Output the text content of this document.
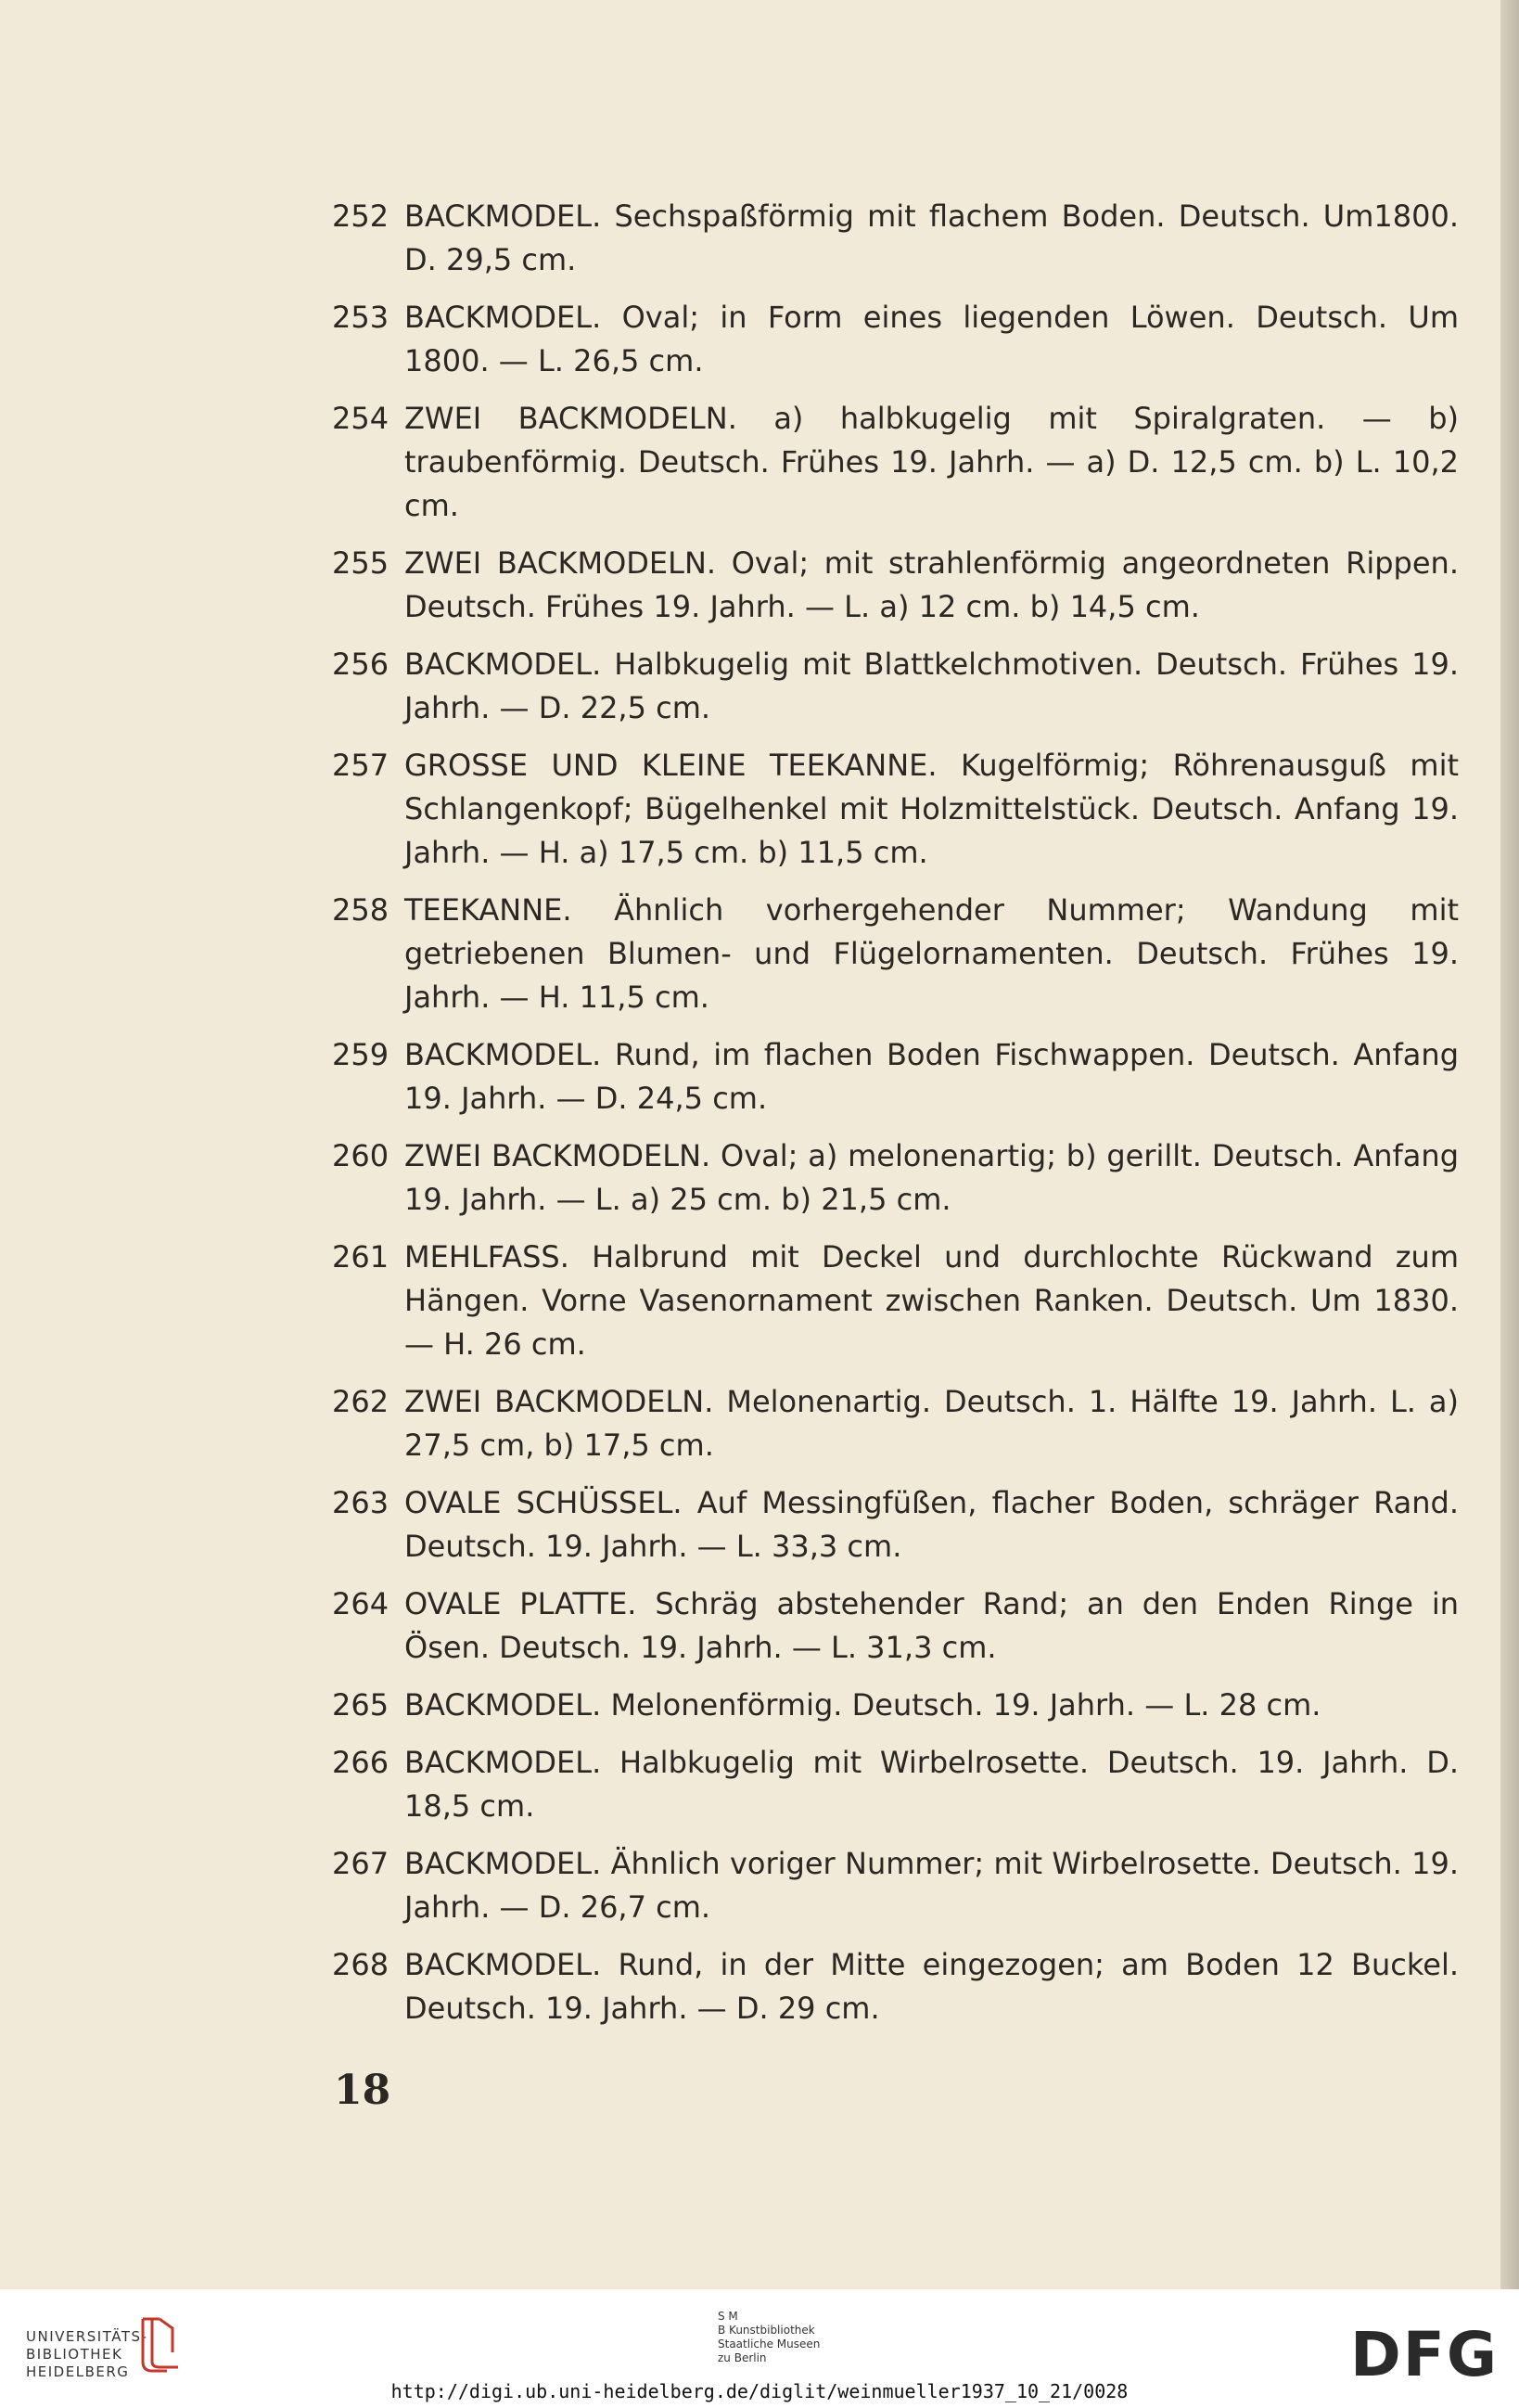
252 BACKMODEL. Sechspaßförmig mit flachem Boden. Deutsch. Um1800. D. 29,5 cm.
253 BACKMODEL. Oval; in Form eines liegenden Löwen. Deutsch. Um 1800. — L. 26,5 cm.
254 ZWEI BACKMODELN. a) halbkugelig mit Spiralgraten. — b) traubenförmig. Deutsch. Frühes 19. Jahrh. — a) D. 12,5 cm. b) L. 10,2 cm.
255 ZWEI BACKMODELN. Oval; mit strahlenförmig angeordneten Rippen. Deutsch. Frühes 19. Jahrh. — L. a) 12 cm. b) 14,5 cm.
256 BACKMODEL. Halbkugelig mit Blattkelchmotiven. Deutsch. Frühes 19. Jahrh. — D. 22,5 cm.
257 GROSSE UND KLEINE TEEKANNE. Kugelförmig; Röhrenausguß mit Schlangenkopf; Bügelhenkel mit Holzmittelstück. Deutsch. Anfang 19. Jahrh. — H. a) 17,5 cm. b) 11,5 cm.
258 TEEKANNE. Ähnlich vorhergehender Nummer; Wandung mit getriebenen Blumen- und Flügelornamenten. Deutsch. Frühes 19. Jahrh. — H. 11,5 cm.
259 BACKMODEL. Rund, im flachen Boden Fischwappen. Deutsch. Anfang 19. Jahrh. — D. 24,5 cm.
260 ZWEI BACKMODELN. Oval; a) melonenartig; b) gerillt. Deutsch. Anfang 19. Jahrh. — L. a) 25 cm. b) 21,5 cm.
261 MEHLFASS. Halbrund mit Deckel und durchlochte Rückwand zum Hängen. Vorne Vasenornament zwischen Ranken. Deutsch. Um 1830. — H. 26 cm.
262 ZWEI BACKMODELN. Melonenartig. Deutsch. 1. Hälfte 19. Jahrh. L. a) 27,5 cm, b) 17,5 cm.
263 OVALE SCHÜSSEL. Auf Messingfüßen, flacher Boden, schräger Rand. Deutsch. 19. Jahrh. — L. 33,3 cm.
264 OVALE PLATTE. Schräg abstehender Rand; an den Enden Ringe in Ösen. Deutsch. 19. Jahrh. — L. 31,3 cm.
265 BACKMODEL. Melonenförmig. Deutsch. 19. Jahrh. — L. 28 cm.
266 BACKMODEL. Halbkugelig mit Wirbelrosette. Deutsch. 19. Jahrh. D. 18,5 cm.
267 BACKMODEL. Ähnlich voriger Nummer; mit Wirbelrosette. Deutsch. 19. Jahrh. — D. 26,7 cm.
268 BACKMODEL. Rund, in der Mitte eingezogen; am Boden 12 Buckel. Deutsch. 19. Jahrh. — D. 29 cm.
18
UNIVERSITÄTS-
BIBLIOTHEK
HEIDELBERG
S M
B Kunstbibliothek
Staatliche Museen
zu Berlin	DFG
http://digi.ub.uni-heidelberg.de/diglit/weinmueller1937_10_21/0028
